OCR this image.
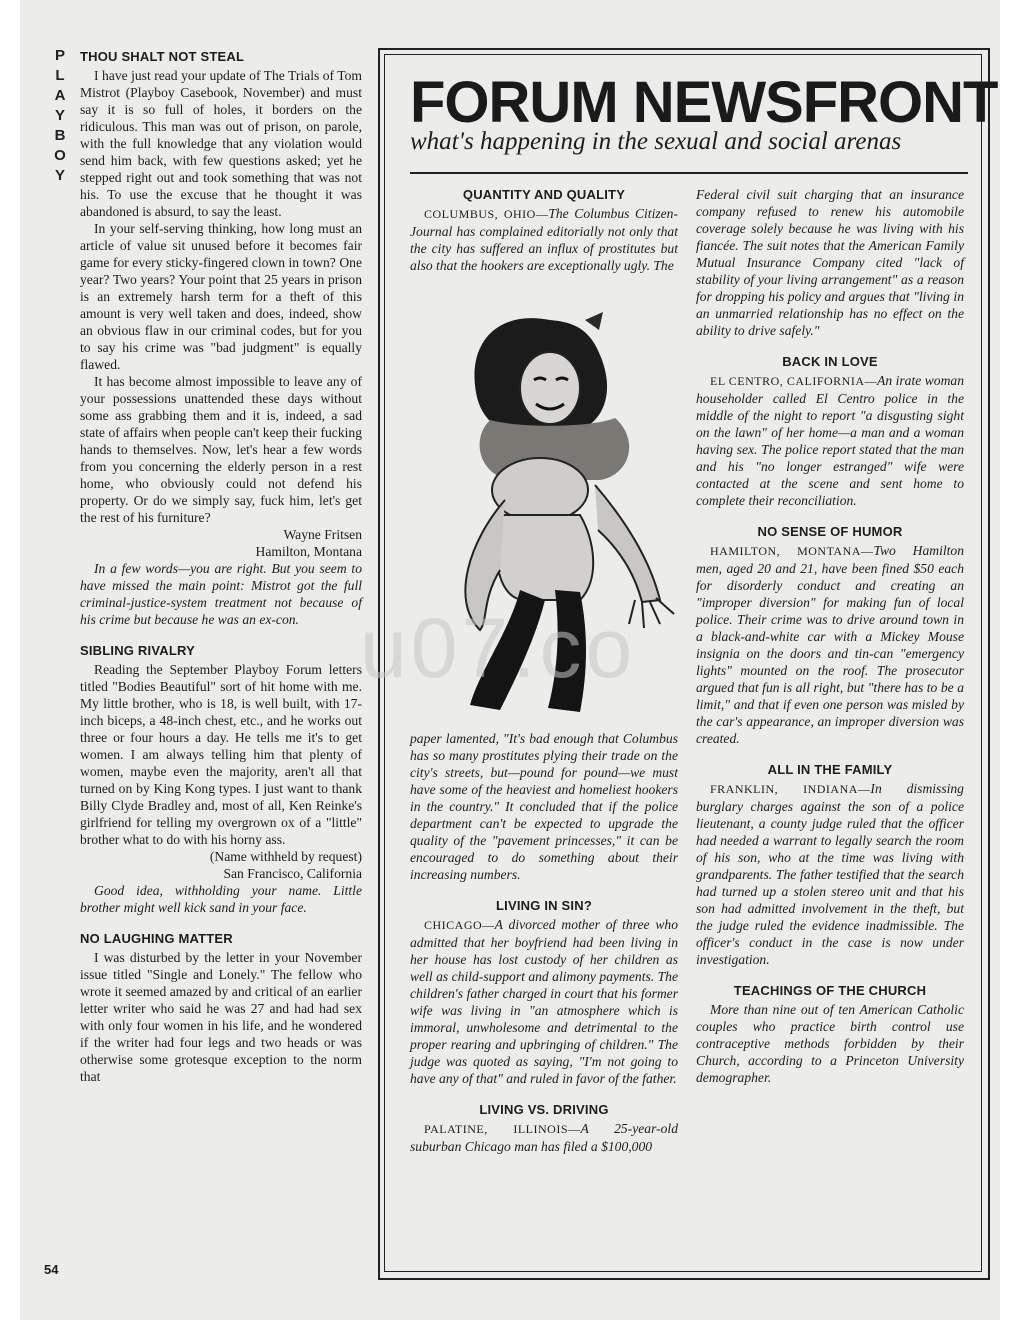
P
L
A
Y
B
O
Y
THOU SHALT NOT STEAL

I have just read your update of The Trials of Tom Mistrot (Playboy Casebook, November) and must say it is so full of holes, it borders on the ridiculous. This man was out of prison, on parole, with the full knowledge that any violation would send him back, with few questions asked; yet he stepped right out and took something that was not his. To use the excuse that he thought it was abandoned is absurd, to say the least.

In your self-serving thinking, how long must an article of value sit unused before it becomes fair game for every sticky-fingered clown in town? One year? Two years? Your point that 25 years in prison is an extremely harsh term for a theft of this amount is very well taken and does, indeed, show an obvious flaw in our criminal codes, but for you to say his crime was "bad judgment" is equally flawed.

It has become almost impossible to leave any of your possessions unattended these days without some ass grabbing them and it is, indeed, a sad state of affairs when people can't keep their fucking hands to themselves. Now, let's hear a few words from you concerning the elderly person in a rest home, who obviously could not defend his property. Or do we simply say, fuck him, let's get the rest of his furniture?

Wayne Fritsen

Hamilton, Montana

In a few words—you are right. But you seem to have missed the main point: Mistrot got the full criminal-justice-system treatment not because of his crime but because he was an ex-con.

SIBLING RIVALRY

Reading the September Playboy Forum letters titled "Bodies Beautiful" sort of hit home with me. My little brother, who is 18, is well built, with 17-inch biceps, a 48-inch chest, etc., and he works out three or four hours a day. He tells me it's to get women. I am always telling him that plenty of women, maybe even the majority, aren't all that turned on by King Kong types. I just want to thank Billy Clyde Bradley and, most of all, Ken Reinke's girlfriend for telling my overgrown ox of a "little" brother what to do with his horny ass.

(Name withheld by request)

San Francisco, California

Good idea, withholding your name. Little brother might well kick sand in your face.

NO LAUGHING MATTER

I was disturbed by the letter in your November issue titled "Single and Lonely." The fellow who wrote it seemed amazed by and critical of an earlier letter writer who said he was 27 and had had sex with only four women in his life, and he wondered if the writer had four legs and two heads or was otherwise some grotesque exception to the norm that

FORUM NEWSFRONT
what's happening in the sexual and social arenas
QUANTITY AND QUALITY

COLUMBUS, OHIO—The Columbus Citizen-Journal has complained editorially not only that the city has suffered an influx of prostitutes but also that the hookers are exceptionally ugly. The

paper lamented, "It's bad enough that Columbus has so many prostitutes plying their trade on the city's streets, but—pound for pound—we must have some of the heaviest and homeliest hookers in the country." It concluded that if the police department can't be expected to upgrade the quality of the "pavement princesses," it can be encouraged to do something about their increasing numbers.

LIVING IN SIN?

CHICAGO—A divorced mother of three who admitted that her boyfriend had been living in her house has lost custody of her children as well as child-support and alimony payments. The children's father charged in court that his former wife was living in "an atmosphere which is immoral, unwholesome and detrimental to the proper rearing and upbringing of children." The judge was quoted as saying, "I'm not going to have any of that" and ruled in favor of the father.

LIVING VS. DRIVING

PALATINE, ILLINOIS—A 25-year-old suburban Chicago man has filed a $100,000

Federal civil suit charging that an insurance company refused to renew his automobile coverage solely because he was living with his fiancée. The suit notes that the American Family Mutual Insurance Company cited "lack of stability of your living arrangement" as a reason for dropping his policy and argues that "living in an unmarried relationship has no effect on the ability to drive safely."

BACK IN LOVE

EL CENTRO, CALIFORNIA—An irate woman householder called El Centro police in the middle of the night to report "a disgusting sight on the lawn" of her home—a man and a woman having sex. The police report stated that the man and his "no longer estranged" wife were contacted at the scene and sent home to complete their reconciliation.

NO SENSE OF HUMOR

HAMILTON, MONTANA—Two Hamilton men, aged 20 and 21, have been fined $50 each for disorderly conduct and creating an "improper diversion" for making fun of local police. Their crime was to drive around town in a black-and-white car with a Mickey Mouse insignia on the doors and tin-can "emergency lights" mounted on the roof. The prosecutor argued that fun is all right, but "there has to be a limit," and that if even one person was misled by the car's appearance, an improper diversion was created.

ALL IN THE FAMILY

FRANKLIN, INDIANA—In dismissing burglary charges against the son of a police lieutenant, a county judge ruled that the officer had needed a warrant to legally search the room of his son, who at the time was living with grandparents. The father testified that the search had turned up a stolen stereo unit and that his son had admitted involvement in the theft, but the judge ruled the evidence inadmissible. The officer's conduct in the case is now under investigation.

TEACHINGS OF THE CHURCH

More than nine out of ten American Catholic couples who practice birth control use contraceptive methods forbidden by their Church, according to a Princeton University demographer.

u07.co
54
